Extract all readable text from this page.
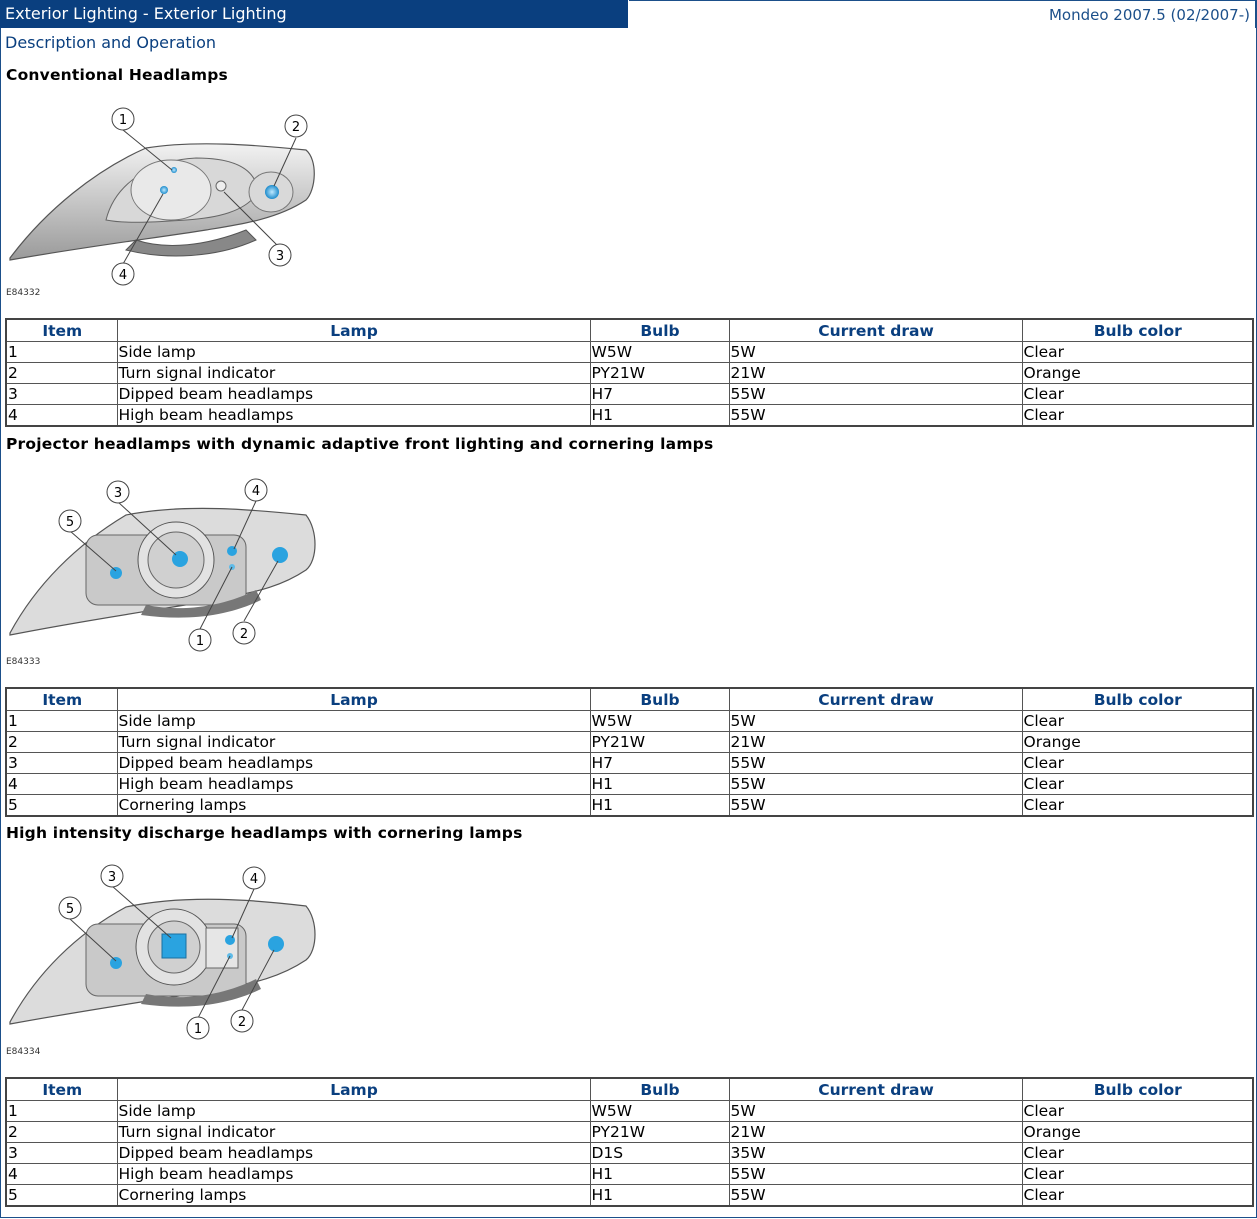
Exterior Lighting - Exterior Lighting	Mondeo 2007.5 (02/2007-)
Description and Operation
Conventional Headlamps
1	2
3
4
E84332
Item	Lamp	Bulb	Current draw	Bulb color
1	Side lamp	W5W	5W	Clear
2	Turn signal indicator	PY21W	21W	Orange
3	Dipped beam headlamps	H7	55W	Clear
4	High beam headlamps	H1	55W	Clear
Projector headlamps with dynamic adaptive front lighting and cornering lamps
3
5
4
1	2
E84333
Item	Lamp	Bulb	Current draw	Bulb color
1	Side lamp	W5W	5W	Clear
2	Turn signal indicator	PY21W	21W	Orange
3	Dipped beam headlamps	H7	55W	Clear
4	High beam headlamps	H1	55W	Clear
5	Cornering lamps	H1	55W	Clear
High intensity discharge headlamps with cornering lamps
3
5
4
1	2
E84334
Item	Lamp	Bulb	Current draw	Bulb color
1	Side lamp	W5W	5W	Clear
2	Turn signal indicator	PY21W	21W	Orange
3	Dipped beam headlamps	D1S	35W	Clear
4	High beam headlamps	H1	55W	Clear
5	Cornering lamps	H1	55W	Clear
